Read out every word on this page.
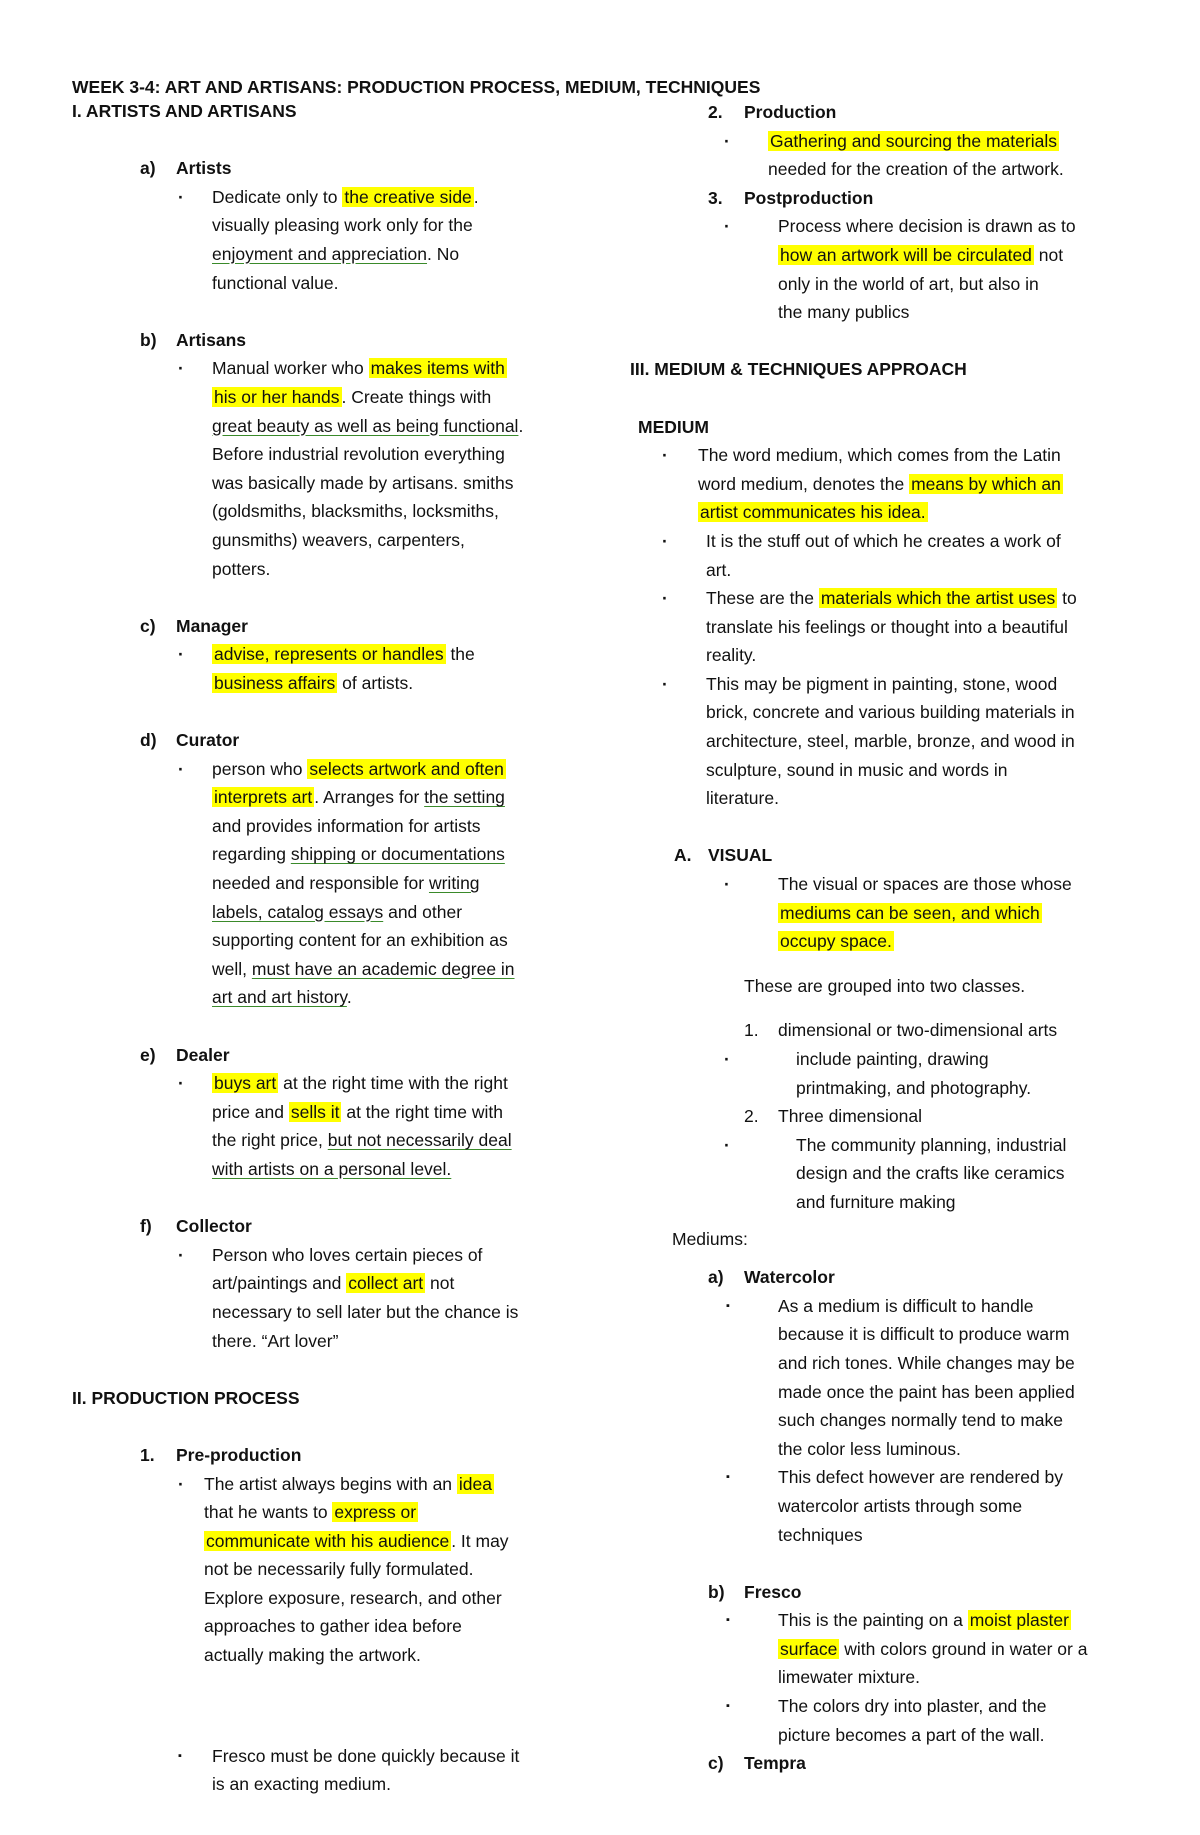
WEEK 3-4: ART AND ARTISANS: PRODUCTION PROCESS, MEDIUM, TECHNIQUES
I. ARTISTS AND ARTISANS
a) Artists
· Dedicate only to the creative side .
visually pleasing work only for the
enjoyment and appreciation. No
functional value.
b) Artisans
· Manual worker who makes items with
his or her hands . Create things with
great beauty as well as being functional.
Before industrial revolution everything
was basically made by artisans. smiths
(goldsmiths, blacksmiths, locksmiths,
gunsmiths) weavers, carpenters,
potters.
c) Manager
· advise, represents or handles the
business affairs of artists.
d) Curator
· person who selects artwork and often
interprets art . Arranges for the setting
and provides information for artists
regarding shipping or documentations
needed and responsible for writing
labels, catalog essays and other
supporting content for an exhibition as
well, must have an academic degree in
art and art history.
e) Dealer
· buys art at the right time with the right
price and sells it at the right time with
the right price, but not necessarily deal
with artists on a personal level.
f) Collector
· Person who loves certain pieces of
art/paintings and collect art not
necessary to sell later but the chance is
there. “Art lover”
II. PRODUCTION PROCESS
1. Pre-production
· The artist always begins with an idea
that he wants to express or
communicate with his audience . It may
not be necessarily fully formulated.
Explore exposure, research, and other
approaches to gather idea before
actually making the artwork.
▪ Fresco must be done quickly because it
is an exacting medium.
2. Production
· Gathering and sourcing the materials
needed for the creation of the artwork.
3. Postproduction
· Process where decision is drawn as to
how an artwork will be circulated not
only in the world of art, but also in
the many publics
III. MEDIUM & TECHNIQUES APPROACH
MEDIUM
· The word medium, which comes from the Latin
word medium, denotes the means by which an
artist communicates his idea.
· It is the stuff out of which he creates a work of
art.
· These are the materials which the artist uses to
translate his feelings or thought into a beautiful
reality.
· This may be pigment in painting, stone, wood
brick, concrete and various building materials in
architecture, steel, marble, bronze, and wood in
sculpture, sound in music and words in
literature.
A. VISUAL
· The visual or spaces are those whose
mediums can be seen, and which
occupy space.
These are grouped into two classes.
1. dimensional or two-dimensional arts
· include painting, drawing
printmaking, and photography.
2. Three dimensional
· The community planning, industrial
design and the crafts like ceramics
and furniture making
Mediums:
a) Watercolor
▪ As a medium is difficult to handle
because it is difficult to produce warm
and rich tones. While changes may be
made once the paint has been applied
such changes normally tend to make
the color less luminous.
▪ This defect however are rendered by
watercolor artists through some
techniques
b) Fresco
▪ This is the painting on a moist plaster
surface with colors ground in water or a
limewater mixture.
▪ The colors dry into plaster, and the
picture becomes a part of the wall.
c) Tempra
